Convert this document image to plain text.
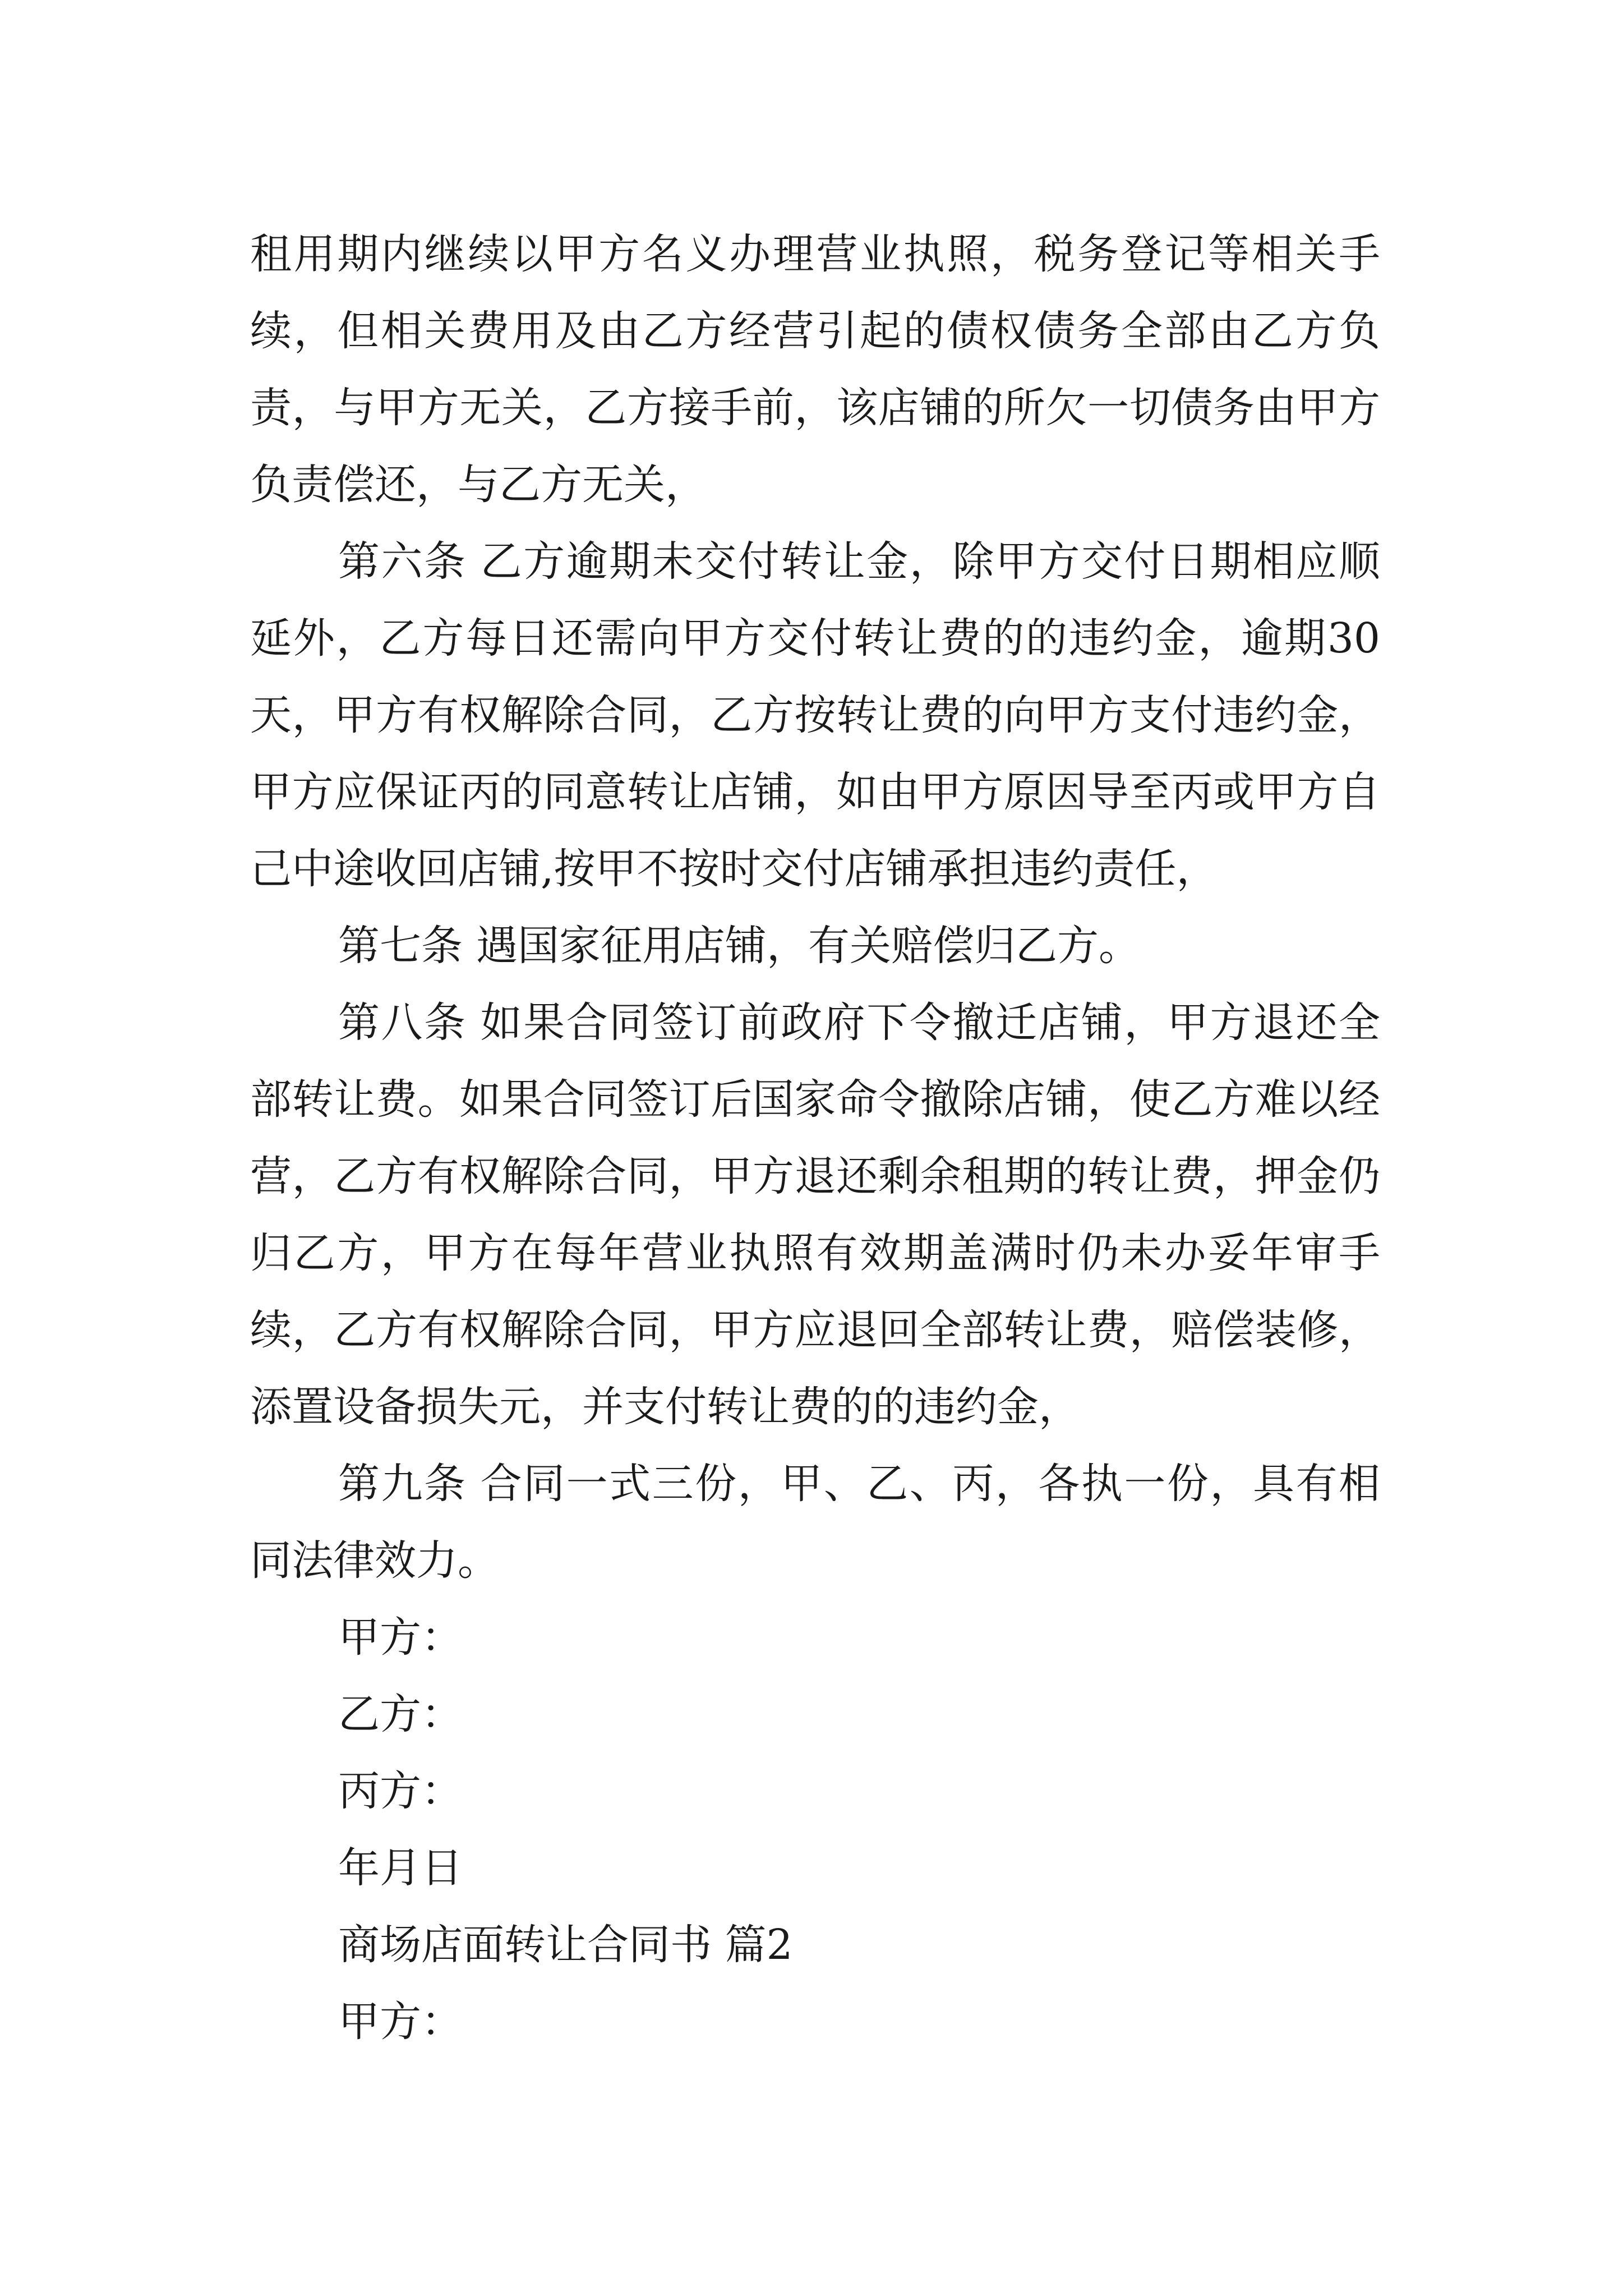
租用期内继续以甲方名义办理营业执照，税务登记等相关手续，但相关费用及由乙方经营引起的债权债务全部由乙方负责，与甲方无关，乙方接手前，该店铺的所欠一切债务由甲方负责偿还，与乙方无关，

第六条 乙方逾期未交付转让金，除甲方交付日期相应顺延外，乙方每日还需向甲方交付转让费的的违约金，逾期30天，甲方有权解除合同，乙方按转让费的向甲方支付违约金，甲方应保证丙的同意转让店铺，如由甲方原因导至丙或甲方自己中途收回店铺,按甲不按时交付店铺承担违约责任，

第七条 遇国家征用店铺，有关赔偿归乙方。

第八条 如果合同签订前政府下令撤迁店铺，甲方退还全部转让费。如果合同签订后国家命令撤除店铺，使乙方难以经营，乙方有权解除合同，甲方退还剩余租期的转让费，押金仍归乙方，甲方在每年营业执照有效期盖满时仍未办妥年审手续，乙方有权解除合同，甲方应退回全部转让费，赔偿装修，添置设备损失元，并支付转让费的的违约金，

第九条 合同一式三份，甲、乙、丙，各执一份，具有相同法律效力。

甲方：

乙方：

丙方：

年月日

商场店面转让合同书 篇2

甲方：
